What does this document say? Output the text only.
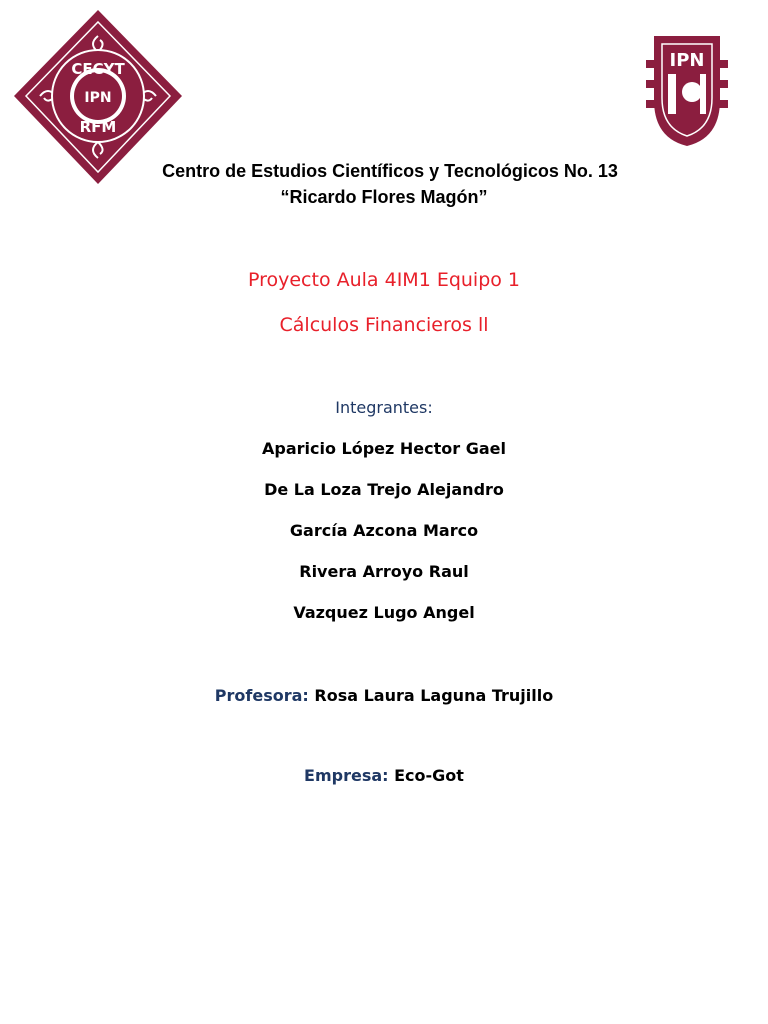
CECYT
RFM
IPN
IPN
Centro de Estudios Científicos y Tecnológicos No. 13
“Ricardo Flores Magón”
Proyecto Aula 4IM1 Equipo 1
Cálculos Financieros ll
Integrantes:
Aparicio López Hector Gael
De La Loza Trejo Alejandro
García Azcona Marco
Rivera Arroyo Raul
Vazquez Lugo Angel
Profesora: Rosa Laura Laguna Trujillo
Empresa: Eco-Got
